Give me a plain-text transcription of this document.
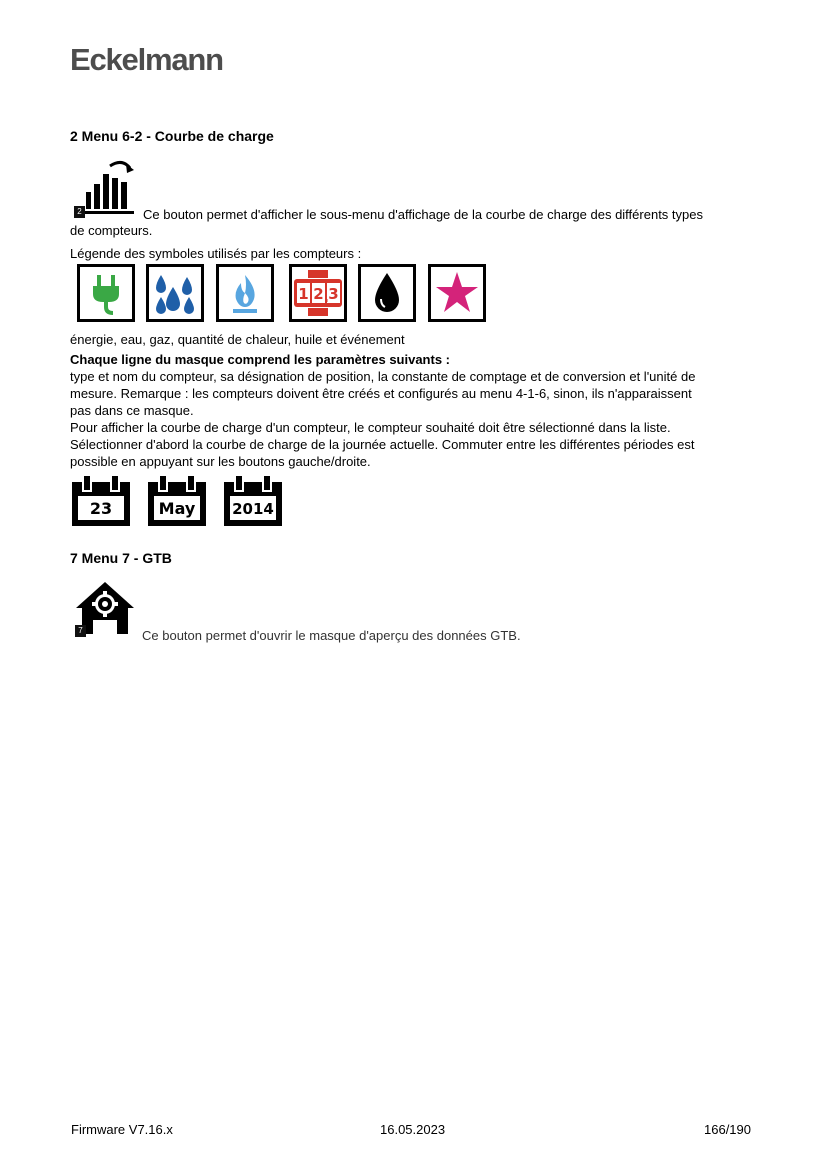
Eckelmann
2 Menu 6-2 - Courbe de charge
2	Ce bouton permet d'afficher le sous-menu d'affichage de la courbe de charge des différents types
de compteurs.
Légende des symboles utilisés par les compteurs :
1 2 3
énergie, eau, gaz, quantité de chaleur, huile et événement
Chaque ligne du masque comprend les paramètres suivants :
type et nom du compteur, sa désignation de position, la constante de comptage et de conversion et l'unité de
mesure. Remarque : les compteurs doivent être créés et configurés au menu 4-1-6, sinon, ils n'apparaissent
pas dans ce masque.
Pour afficher la courbe de charge d'un compteur, le compteur souhaité doit être sélectionné dans la liste.
Sélectionner d'abord la courbe de charge de la journée actuelle. Commuter entre les différentes périodes est
possible en appuyant sur les boutons gauche/droite.
23	May	2014
7 Menu 7 - GTB
7	Ce bouton permet d'ouvrir le masque d'aperçu des données GTB.
Firmware V7.16.x	16.05.2023	166/190
